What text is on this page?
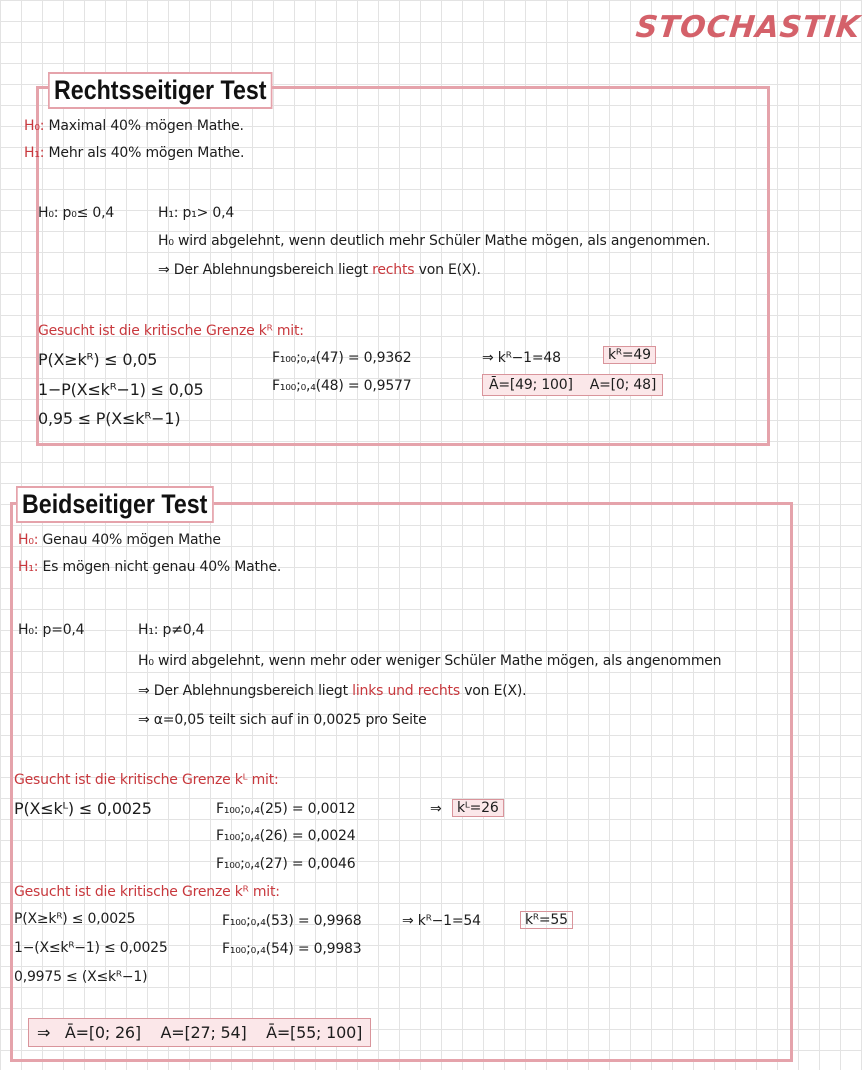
STOCHASTIK
Rechtsseitiger Test
H₀: Maximal 40% mögen Mathe.
H₁: Mehr als 40% mögen Mathe.
H₀: p₀≤ 0,4	H₁: p₁> 0,4
H₀ wird abgelehnt, wenn deutlich mehr Schüler Mathe mögen, als angenommen.
⇒ Der Ablehnungsbereich liegt rechts von E(X).
Gesucht ist die kritische Grenze kᴿ mit:
P(X≥kᴿ) ≤ 0,05
1−P(X≤kᴿ−1) ≤ 0,05
0,95 ≤ P(X≤kᴿ−1)
F₁₀₀;₀,₄(47) = 0,9362
F₁₀₀;₀,₄(48) = 0,9577
⇒ kᴿ−1=48	kᴿ=49
Ā=[49; 100] A=[0; 48]
Beidseitiger Test
H₀: Genau 40% mögen Mathe
H₁: Es mögen nicht genau 40% Mathe.
H₀: p=0,4	H₁: p≠0,4
H₀ wird abgelehnt, wenn mehr oder weniger Schüler Mathe mögen, als angenommen
⇒ Der Ablehnungsbereich liegt links und rechts von E(X).
⇒ α=0,05 teilt sich auf in 0,0025 pro Seite
Gesucht ist die kritische Grenze kᴸ mit:
P(X≤kᴸ) ≤ 0,0025	F₁₀₀;₀,₄(25) = 0,0012
F₁₀₀;₀,₄(26) = 0,0024
F₁₀₀;₀,₄(27) = 0,0046
⇒	kᴸ=26
Gesucht ist die kritische Grenze kᴿ mit:
P(X≥kᴿ) ≤ 0,0025
1−(X≤kᴿ−1) ≤ 0,0025
0,9975 ≤ (X≤kᴿ−1)
F₁₀₀;₀,₄(53) = 0,9968
F₁₀₀;₀,₄(54) = 0,9983
⇒ kᴿ−1=54	kᴿ=55
⇒ Ā=[0; 26] A=[27; 54] Ā=[55; 100]
